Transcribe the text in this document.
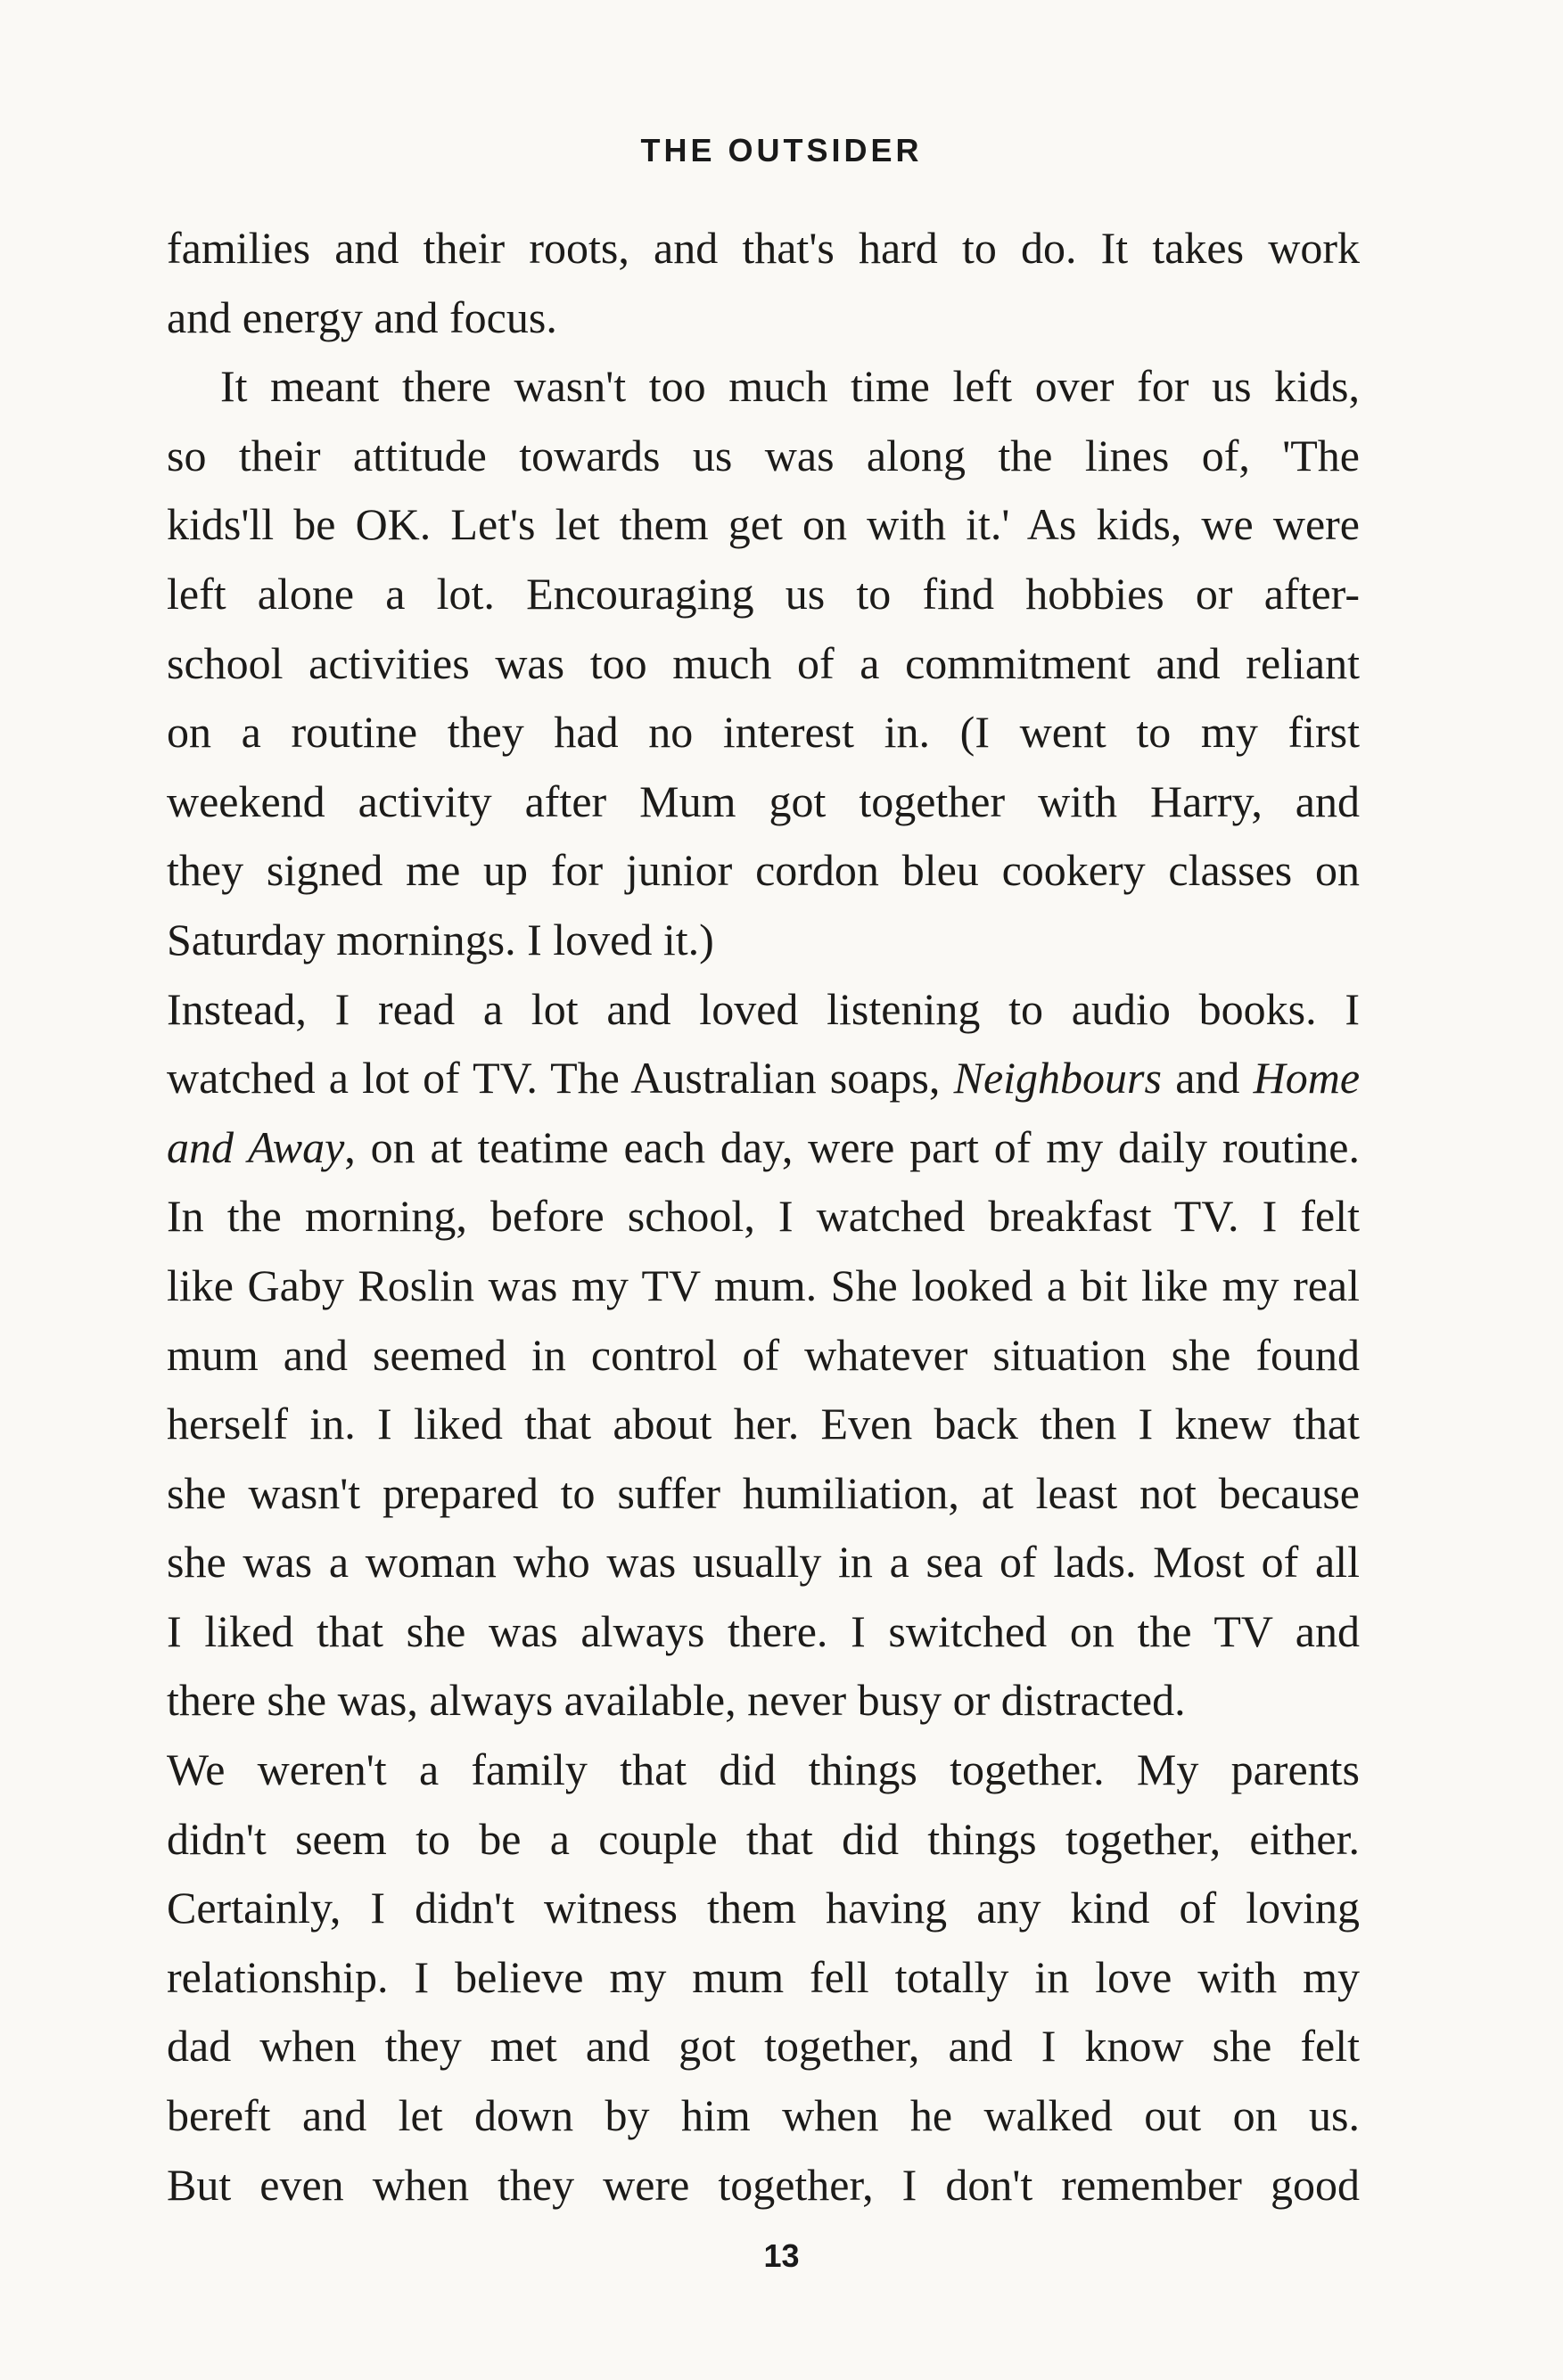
THE OUTSIDER
families and their roots, and that's hard to do. It takes work
and energy and focus.
It meant there wasn't too much time left over for us kids,
so their attitude towards us was along the lines of, 'The
kids'll be OK. Let's let them get on with it.' As kids, we were
left alone a lot. Encouraging us to find hobbies or after-
school activities was too much of a commitment and reliant
on a routine they had no interest in. (I went to my first
weekend activity after Mum got together with Harry, and
they signed me up for junior cordon bleu cookery classes on
Saturday mornings. I loved it.)
Instead, I read a lot and loved listening to audio books. I
watched a lot of TV. The Australian soaps, Neighbours and Home
and Away, on at teatime each day, were part of my daily routine.
In the morning, before school, I watched breakfast TV. I felt
like Gaby Roslin was my TV mum. She looked a bit like my real
mum and seemed in control of whatever situation she found
herself in. I liked that about her. Even back then I knew that
she wasn't prepared to suffer humiliation, at least not because
she was a woman who was usually in a sea of lads. Most of all
I liked that she was always there. I switched on the TV and
there she was, always available, never busy or distracted.
We weren't a family that did things together. My parents
didn't seem to be a couple that did things together, either.
Certainly, I didn't witness them having any kind of loving
relationship. I believe my mum fell totally in love with my
dad when they met and got together, and I know she felt
bereft and let down by him when he walked out on us.
But even when they were together, I don't remember good
13
